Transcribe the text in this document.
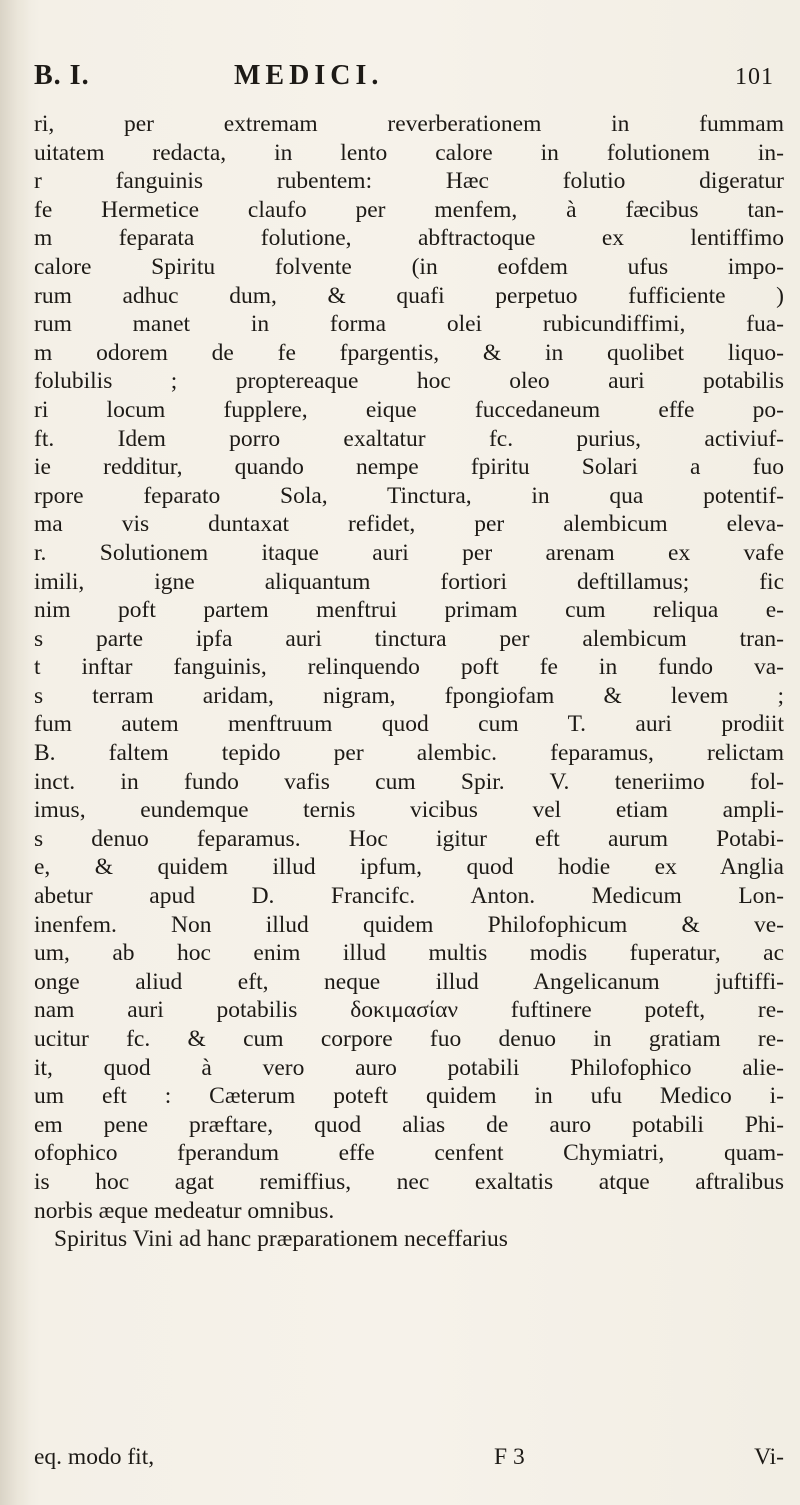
B. I.	MEDICI.	101
ri, per extremam reverberationem in fummam
uitatem redacta, in lento calore in folutionem in-
r fanguinis rubentem: Hæc folutio digeratur
fe Hermetice claufo per menfem, à fæcibus tan-
m feparata folutione, abftractoque ex lentiffimo
calore Spiritu folvente (in eofdem ufus impo-
rum adhuc dum, & quafi perpetuo fufficiente )
rum manet in forma olei rubicundiffimi, fua-
m odorem de fe fpargentis, & in quolibet liquo-
folubilis ; proptereaque hoc oleo auri potabilis
ri locum fupplere, eique fuccedaneum effe po-
ft. Idem porro exaltatur fc. purius, activiuf-
ie redditur, quando nempe fpiritu Solari a fuo
rpore feparato Sola, Tinctura, in qua potentif-
ma vis duntaxat refidet, per alembicum eleva-
r. Solutionem itaque auri per arenam ex vafe
imili, igne aliquantum fortiori deftillamus; fic
nim poft partem menftrui primam cum reliqua e-
s parte ipfa auri tinctura per alembicum tran-
t inftar fanguinis, relinquendo poft fe in fundo va-
s terram aridam, nigram, fpongiofam & levem ;
fum autem menftruum quod cum T. auri prodiit
B. faltem tepido per alembic. feparamus, relictam
inct. in fundo vafis cum Spir. V. teneriimo fol-
imus, eundemque ternis vicibus vel etiam ampli-
s denuo feparamus. Hoc igitur eft aurum Potabi-
e, & quidem illud ipfum, quod hodie ex Anglia
abetur apud D. Francifc. Anton. Medicum Lon-
inenfem. Non illud quidem Philofophicum & ve-
um, ab hoc enim illud multis modis fuperatur, ac
onge aliud eft, neque illud Angelicanum juftiffi-
nam auri potabilis δοκιμασίαν fuftinere poteft, re-
ucitur fc. & cum corpore fuo denuo in gratiam re-
it, quod à vero auro potabili Philofophico alie-
um eft : Cæterum poteft quidem in ufu Medico i-
em pene præftare, quod alias de auro potabili Phi-
ofophico fperandum effe cenfent Chymiatri, quam-
is hoc agat remiffius, nec exaltatis atque aftralibus
norbis æque medeatur omnibus.
Spiritus Vini ad hanc præparationem neceffarius
eq. modo fit,	F 3	Vi-
